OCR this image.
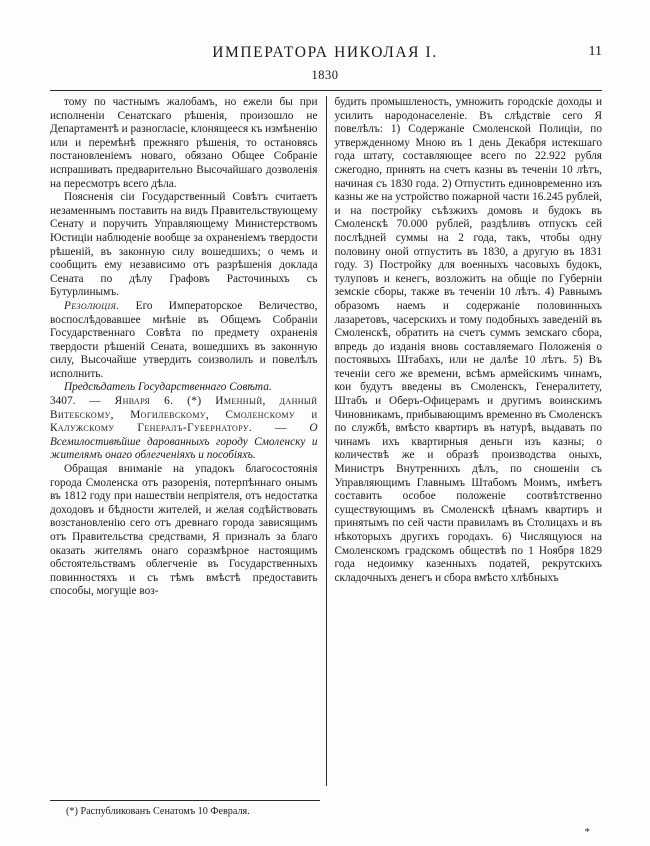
ИМПЕРАТОРА НИКОЛАЯ I.	11
1830

тому по частнымъ жалобамъ, но ежели бы при исполненiи Сенатскаго рѣшенiя, произошло не Департаментѣ и разногласiе, клонящееся къ измѣненiю или и перемѣнѣ прежняго рѣшенiя, то остановясь постановленiемъ новаго, обязано Общее Собранiе испрашивать предварительно Высочайшаго дозволенiя на пересмотръ всего дѣла.

Поясненiя сiи Государственный Совѣтъ считаетъ незаменнымъ поставить на видъ Правительствующему Сенату и поручить Управляющему Министерствомъ Юстицiи наблюденiе вообще за охраненiемъ твердости рѣшенiй, въ законную силу вошедшихъ; о чемъ и сообщить ему независимо отъ разрѣшенiя доклада Сената по дѣлу Графовъ Расточиныхъ съ Бутурлинымъ.

Резолюцiя. Его Императорское Величество, воспослѣдовавшее мнѣнiе въ Общемъ Собранiи Государственнаго Совѣта по предмету охраненiя твердости рѣшенiй Сената, вошедшихъ въ законную силу, Высочайше утвердить соизволилъ и повелѣлъ исполнить.

Предсѣдатель Государственнаго Совѣта.

3407. — Января 6. (*) Именный, данный Витебскому, Могилевскому, Смоленскому и Калужскому Генералъ-Губернатору. — О Всемилостивѣйше дарованныхъ городу Смоленску и жителямъ онаго облегченiяхъ и пособiяхъ.

Обращая вниманiе на упадокъ благосостоянiя города Смоленска отъ разоренiя, потерпѣннаго онымъ въ 1812 году при нашествiи непрiятеля, отъ недостатка доходовъ и бѣдности жителей, и желая содѣйствовать возстановленiю сего отъ древнаго города зависящимъ отъ Правительства средствами, Я призналъ за благо оказать жителямъ онаго соразмѣрное настоящимъ обстоятельствамъ облегченiе въ Государственныхъ повинностяхъ и съ тѣмъ вмѣстѣ предоставить способы, могущiе воз-

будить промышленость, умножить городскiе доходы и усилить народонаселенiе. Въ слѣдствiе сего Я повелѣлъ: 1) Содержанiе Смоленской Полицiи, по утвержденному Мною въ 1 день Декабря истекшаго года штату, составляющее всего по 22.922 рубля сжегодно, принять на счетъ казны въ теченiи 10 лѣтъ, начиная съ 1830 года. 2) Отпустить единовременно изъ казны же на устройство пожарной части 16.245 рублей, и на постройку съѣзжихъ домовъ и будокъ въ Смоленскѣ 70.000 рублей, раздѣливъ отпускъ сей послѣдней суммы на 2 года, такъ, чтобы одну половину оной отпустить въ 1830, а другую въ 1831 году. 3) Постройку для военныхъ часовыхъ будокъ, тулуповъ и кенегъ, возложить на общiе по Губернiи земскiе сборы, также въ теченiи 10 лѣтъ. 4) Равнымъ образомъ наемъ и содержанiе половинныхъ лазаретовъ, часерскихъ и тому подобныхъ заведенiй въ Смоленскѣ, обратить на счетъ суммъ земскаго сбора, впредь до изданiя вновь составляемаго Положенiя о постоявыхъ Штабахъ, или не далѣе 10 лѣтъ. 5) Въ теченiи сего же времени, всѣмъ армейскимъ чинамъ, кои будутъ введены въ Смоленскъ, Генералитету, Штабъ и Оберъ-Офицерамъ и другимъ воинскимъ Чиновникамъ, прибывающимъ временно въ Смоленскъ по службѣ, вмѣсто квартиръ въ натурѣ, выдавать по чинамъ ихъ квартирныя деньги изъ казны; о количествѣ же и образѣ производства оныхъ, Министръ Внутреннихъ дѣлъ, по сношенiи съ Управляющимъ Главнымъ Штабомъ Моимъ, имѣетъ составить особое положенiе соотвѣтственно существующимъ въ Смоленскѣ цѣнамъ квартиръ и принятымъ по сей части правиламъ въ Столицахъ и въ нѣкоторыхъ другихъ городахъ. 6) Числящуюся на Смоленскомъ градскомъ обществѣ по 1 Ноября 1829 года недоимку казенныхъ податей, рекрутскихъ складочныхъ денегъ и сбора вмѣсто хлѣбныхъ

(*) Распубликованъ Сенатомъ 10 Февраля.
*
